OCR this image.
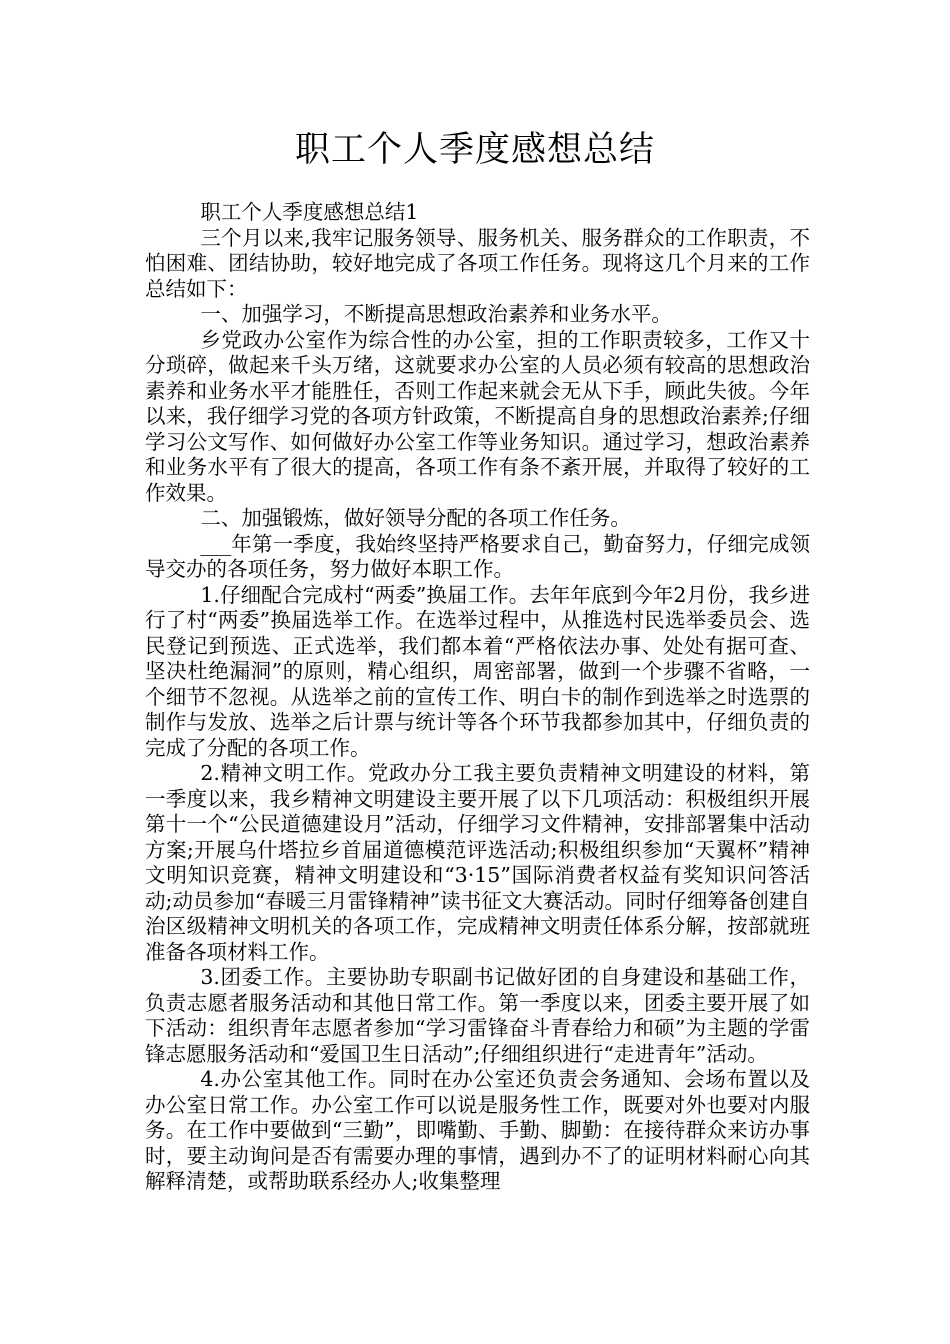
职工个人季度感想总结

职工个人季度感想总结1

三个月以来,我牢记服务领导、服务机关、服务群众的工作职责，不怕困难、团结协助，较好地完成了各项工作任务。现将这几个月来的工作总结如下：

一、加强学习，不断提高思想政治素养和业务水平。

乡党政办公室作为综合性的办公室，担的工作职责较多，工作又十分琐碎，做起来千头万绪，这就要求办公室的人员必须有较高的思想政治素养和业务水平才能胜任，否则工作起来就会无从下手，顾此失彼。今年以来，我仔细学习党的各项方针政策，不断提高自身的思想政治素养;仔细学习公文写作、如何做好办公室工作等业务知识。通过学习，想政治素养和业务水平有了很大的提高，各项工作有条不紊开展，并取得了较好的工作效果。

二、加强锻炼，做好领导分配的各项工作任务。

___年第一季度，我始终坚持严格要求自己，勤奋努力，仔细完成领导交办的各项任务，努力做好本职工作。

1.仔细配合完成村“两委”换届工作。去年年底到今年2月份，我乡进行了村“两委”换届选举工作。在选举过程中，从推选村民选举委员会、选民登记到预选、正式选举，我们都本着“严格依法办事、处处有据可查、坚决杜绝漏洞”的原则，精心组织，周密部署，做到一个步骤不省略，一个细节不忽视。从选举之前的宣传工作、明白卡的制作到选举之时选票的制作与发放、选举之后计票与统计等各个环节我都参加其中，仔细负责的完成了分配的各项工作。

2.精神文明工作。党政办分工我主要负责精神文明建设的材料，第一季度以来，我乡精神文明建设主要开展了以下几项活动：积极组织开展第十一个“公民道德建设月”活动，仔细学习文件精神，安排部署集中活动方案;开展乌什塔拉乡首届道德模范评选活动;积极组织参加“天翼杯”精神文明知识竞赛，精神文明建设和“3·15”国际消费者权益有奖知识问答活动;动员参加“春暖三月雷锋精神”读书征文大赛活动。同时仔细筹备创建自治区级精神文明机关的各项工作，完成精神文明责任体系分解，按部就班准备各项材料工作。

3.团委工作。主要协助专职副书记做好团的自身建设和基础工作，负责志愿者服务活动和其他日常工作。第一季度以来，团委主要开展了如下活动：组织青年志愿者参加“学习雷锋奋斗青春给力和硕”为主题的学雷锋志愿服务活动和“爱国卫生日活动”;仔细组织进行“走进青年”活动。

4.办公室其他工作。同时在办公室还负责会务通知、会场布置以及办公室日常工作。办公室工作可以说是服务性工作，既要对外也要对内服务。在工作中要做到“三勤”，即嘴勤、手勤、脚勤：在接待群众来访办事时，要主动询问是否有需要办理的事情，遇到办不了的证明材料耐心向其解释清楚，或帮助联系经办人;收集整理
